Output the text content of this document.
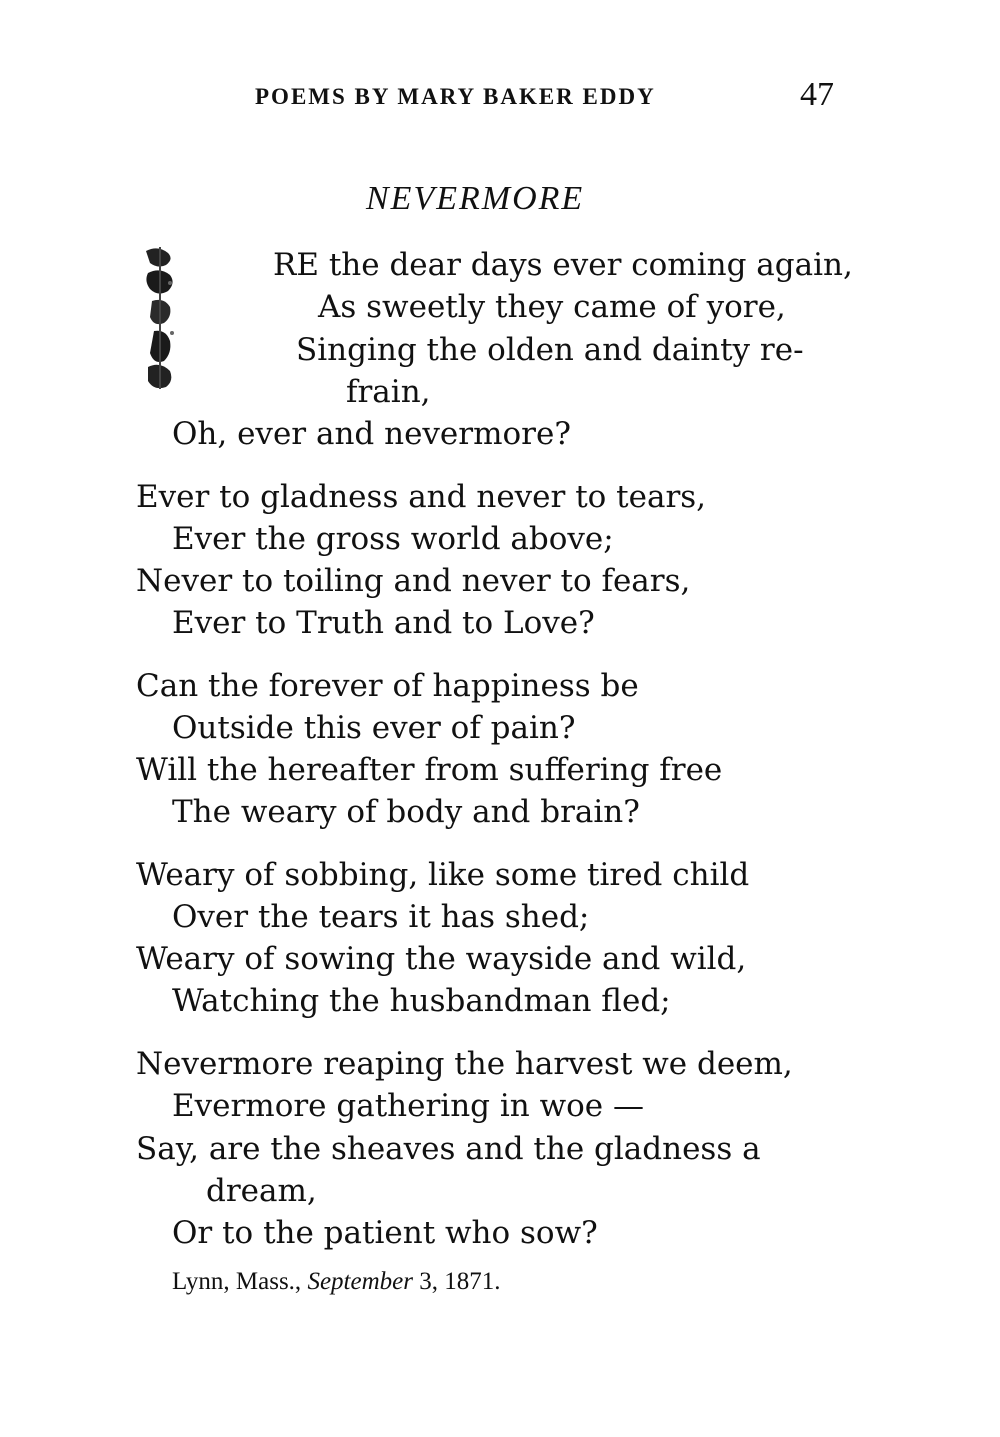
POEMS BY MARY BAKER EDDY	47
NEVERMORE
RE the dear days ever coming again,
As sweetly they came of yore,
Singing the olden and dainty re-
frain,
Oh, ever and nevermore?
Ever to gladness and never to tears,
Ever the gross world above;
Never to toiling and never to fears,
Ever to Truth and to Love?
Can the forever of happiness be
Outside this ever of pain?
Will the hereafter from suffering free
The weary of body and brain?
Weary of sobbing, like some tired child
Over the tears it has shed;
Weary of sowing the wayside and wild,
Watching the husbandman fled;
Nevermore reaping the harvest we deem,
Evermore gathering in woe —
Say, are the sheaves and the gladness a
dream,
Or to the patient who sow?
Lynn, Mass., September 3, 1871.
